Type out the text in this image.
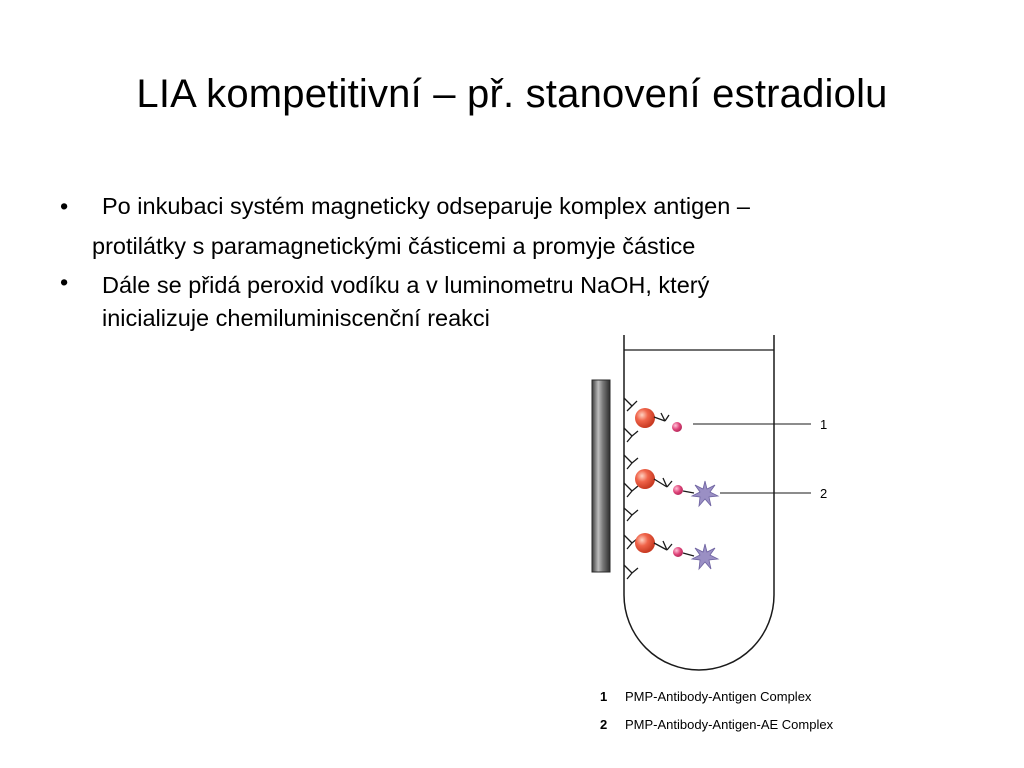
LIA kompetitivní – př. stanovení estradiolu
• Po inkubaci systém magneticky odseparuje komplex antigen –
protilátky s paramagnetickými částicemi a promyje částice
• Dále se přidá peroxid vodíku a v luminometru NaOH, který
inicializuje chemiluminiscenční reakci
1
2
1 PMP-Antibody-Antigen Complex
2 PMP-Antibody-Antigen-AE Complex
